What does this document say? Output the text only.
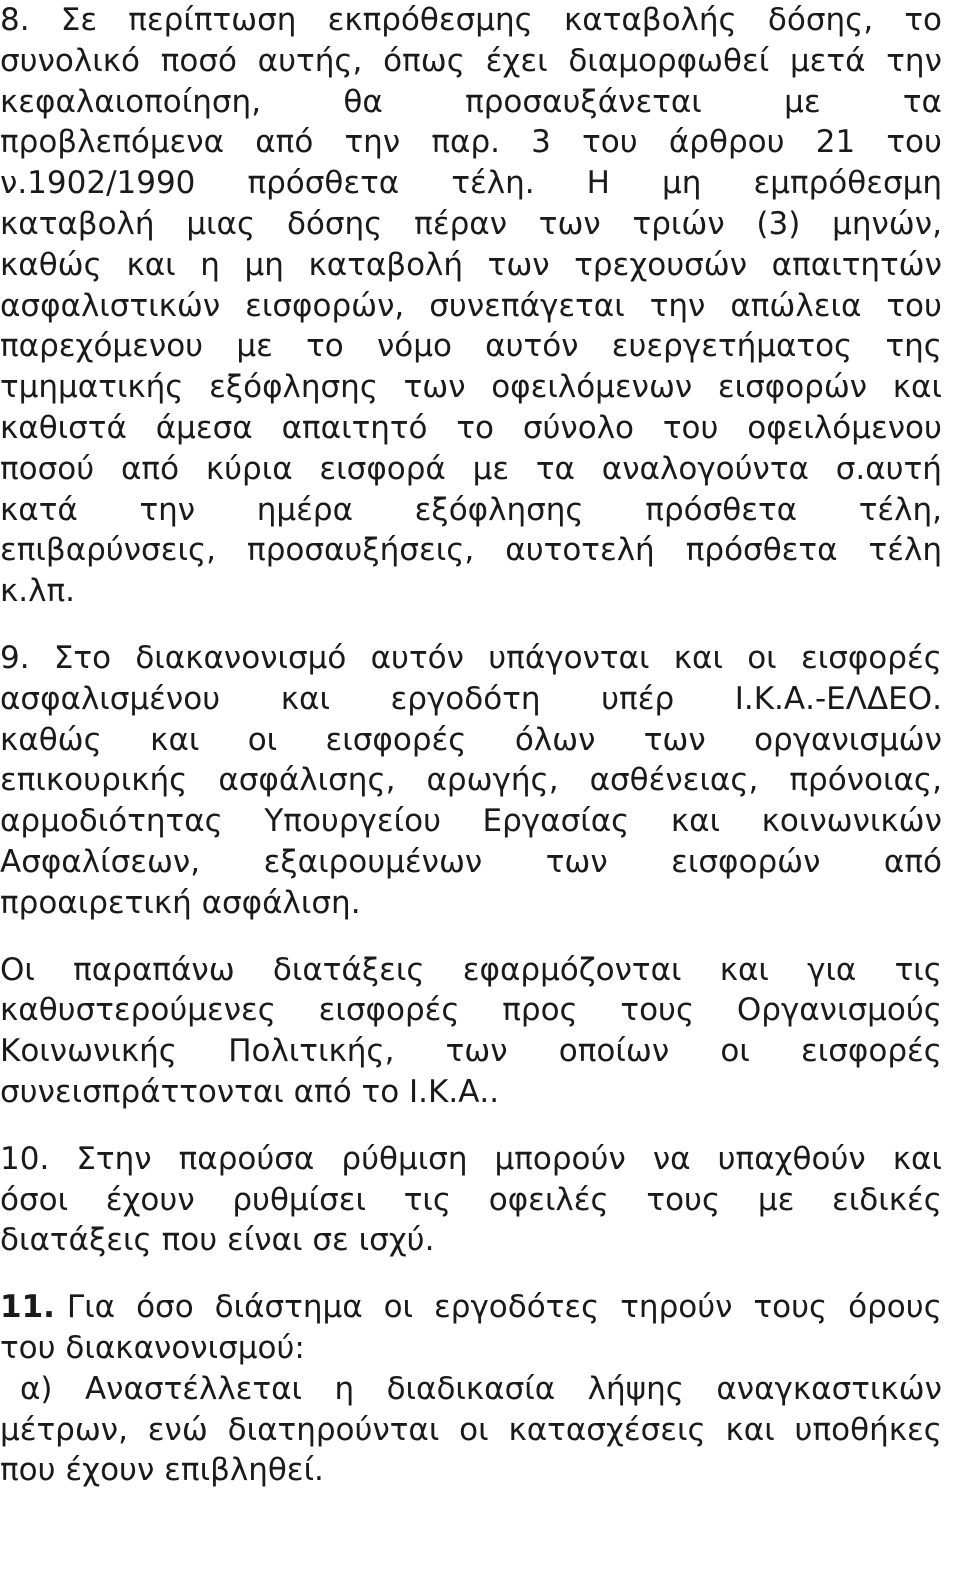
8. Σε περίπτωση εκπρόθεσμης καταβολής δόσης, το
συνολικό ποσό αυτής, όπως έχει διαμορφωθεί μετά την
κεφαλαιοποίηση,	θα	προσαυξάνεται	με	τα
προβλεπόμενα από την παρ. 3 του άρθρου 21 του
ν.1902/1990 πρόσθετα τέλη. Η μη εμπρόθεσμη
καταβολή μιας δόσης πέραν των τριών (3) μηνών,
καθώς και η μη καταβολή των τρεχουσών απαιτητών
ασφαλιστικών εισφορών, συνεπάγεται την απώλεια του
παρεχόμενου με το νόμο αυτόν ευεργετήματος της
τμηματικής εξόφλησης των οφειλόμενων εισφορών και
καθιστά άμεσα απαιτητό το σύνολο του οφειλόμενου
ποσού από κύρια εισφορά με τα αναλογούντα σ.αυτή
κατά την ημέρα εξόφλησης πρόσθετα τέλη,
επιβαρύνσεις, προσαυξήσεις, αυτοτελή πρόσθετα τέλη
κ.λπ.
9. Στο διακανονισμό αυτόν υπάγονται και οι εισφορές
ασφαλισμένου και εργοδότη υπέρ Ι.Κ.Α.-ΕΛΔΕΟ.
καθώς και οι εισφορές όλων των οργανισμών
επικουρικής ασφάλισης, αρωγής, ασθένειας, πρόνοιας,
αρμοδιότητας Υπουργείου Εργασίας και κοινωνικών
Ασφαλίσεων, εξαιρουμένων των εισφορών από
προαιρετική ασφάλιση.
Οι παραπάνω διατάξεις εφαρμόζονται και για τις
καθυστερούμενες εισφορές προς τους Οργανισμούς
Κοινωνικής Πολιτικής, των οποίων οι εισφορές
συνεισπράττονται από το Ι.Κ.Α..
10. Στην παρούσα ρύθμιση μπορούν να υπαχθούν και
όσοι έχουν ρυθμίσει τις οφειλές τους με ειδικές
διατάξεις που είναι σε ισχύ.
11. Για όσο διάστημα οι εργοδότες τηρούν τους όρους
του διακανονισμού:
α) Αναστέλλεται η διαδικασία λήψης αναγκαστικών
μέτρων, ενώ διατηρούνται οι κατασχέσεις και υποθήκες
που έχουν επιβληθεί.
